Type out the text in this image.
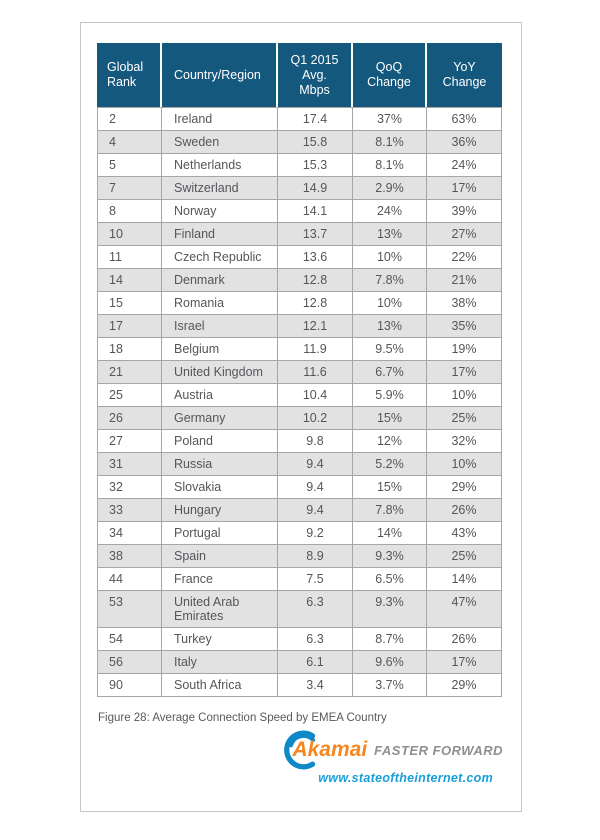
Global Rank	Country/Region	Q1 2015 Avg. Mbps	QoQ Change	YoY Change
2	Ireland	17.4	37%	63%
4	Sweden	15.8	8.1%	36%
5	Netherlands	15.3	8.1%	24%
7	Switzerland	14.9	2.9%	17%
8	Norway	14.1	24%	39%
10	Finland	13.7	13%	27%
11	Czech Republic	13.6	10%	22%
14	Denmark	12.8	7.8%	21%
15	Romania	12.8	10%	38%
17	Israel	12.1	13%	35%
18	Belgium	11.9	9.5%	19%
21	United Kingdom	11.6	6.7%	17%
25	Austria	10.4	5.9%	10%
26	Germany	10.2	15%	25%
27	Poland	9.8	12%	32%
31	Russia	9.4	5.2%	10%
32	Slovakia	9.4	15%	29%
33	Hungary	9.4	7.8%	26%
34	Portugal	9.2	14%	43%
38	Spain	8.9	9.3%	25%
44	France	7.5	6.5%	14%
53	United Arab Emirates	6.3	9.3%	47%
54	Turkey	6.3	8.7%	26%
56	Italy	6.1	9.6%	17%
90	South Africa	3.4	3.7%	29%
Figure 28: Average Connection Speed by EMEA Country
Akamai FASTER FORWARD
www.stateoftheinternet.com
